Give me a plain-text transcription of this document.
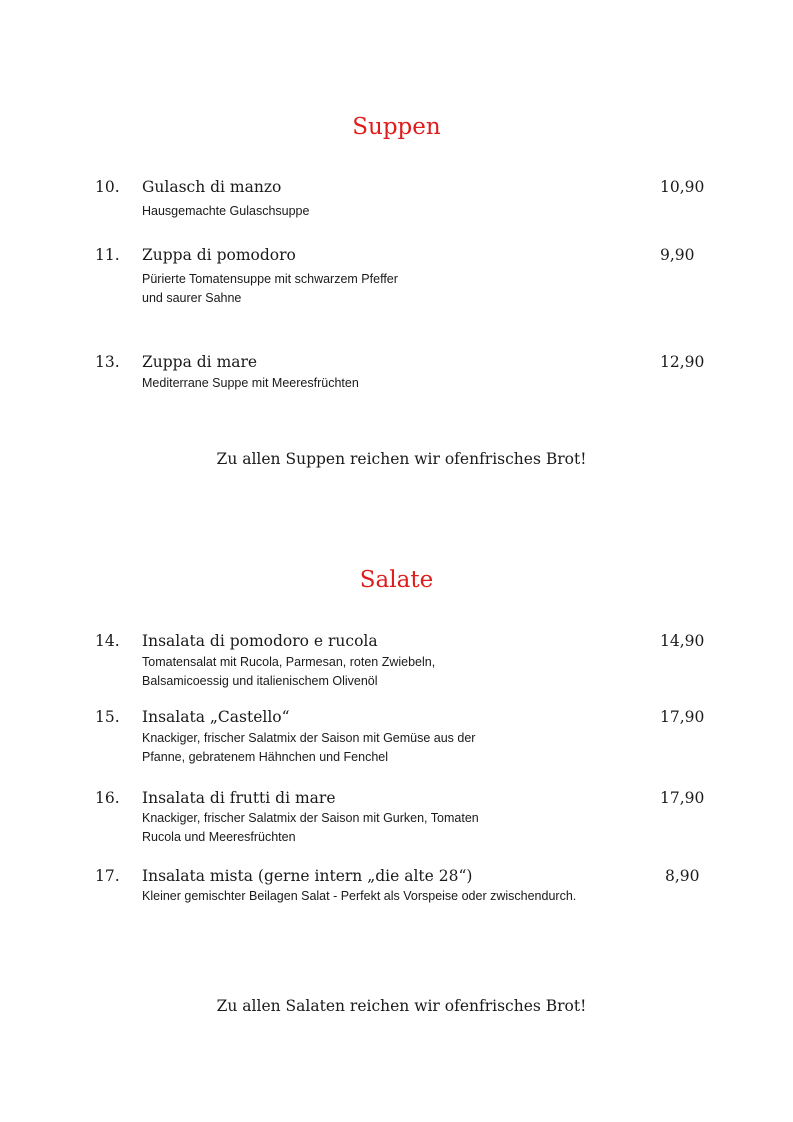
Suppen
10. Gulasch di manzo	10,90
Hausgemachte Gulaschsuppe
11. Zuppa di pomodoro	9,90
Pürierte Tomatensuppe mit schwarzem Pfeffer
und saurer Sahne
13. Zuppa di mare	12,90
Mediterrane Suppe mit Meeresfrüchten
Zu allen Suppen reichen wir ofenfrisches Brot!
Salate
14. Insalata di pomodoro e rucola	14,90
Tomatensalat mit Rucola, Parmesan, roten Zwiebeln,
Balsamicoessig und italienischem Olivenöl
15. Insalata „Castello“	17,90
Knackiger, frischer Salatmix der Saison mit Gemüse aus der
Pfanne, gebratenem Hähnchen und Fenchel
16. Insalata di frutti di mare	17,90
Knackiger, frischer Salatmix der Saison mit Gurken, Tomaten
Rucola und Meeresfrüchten
17. Insalata mista (gerne intern „die alte 28“)	8,90
Kleiner gemischter Beilagen Salat - Perfekt als Vorspeise oder zwischendurch.
Zu allen Salaten reichen wir ofenfrisches Brot!
